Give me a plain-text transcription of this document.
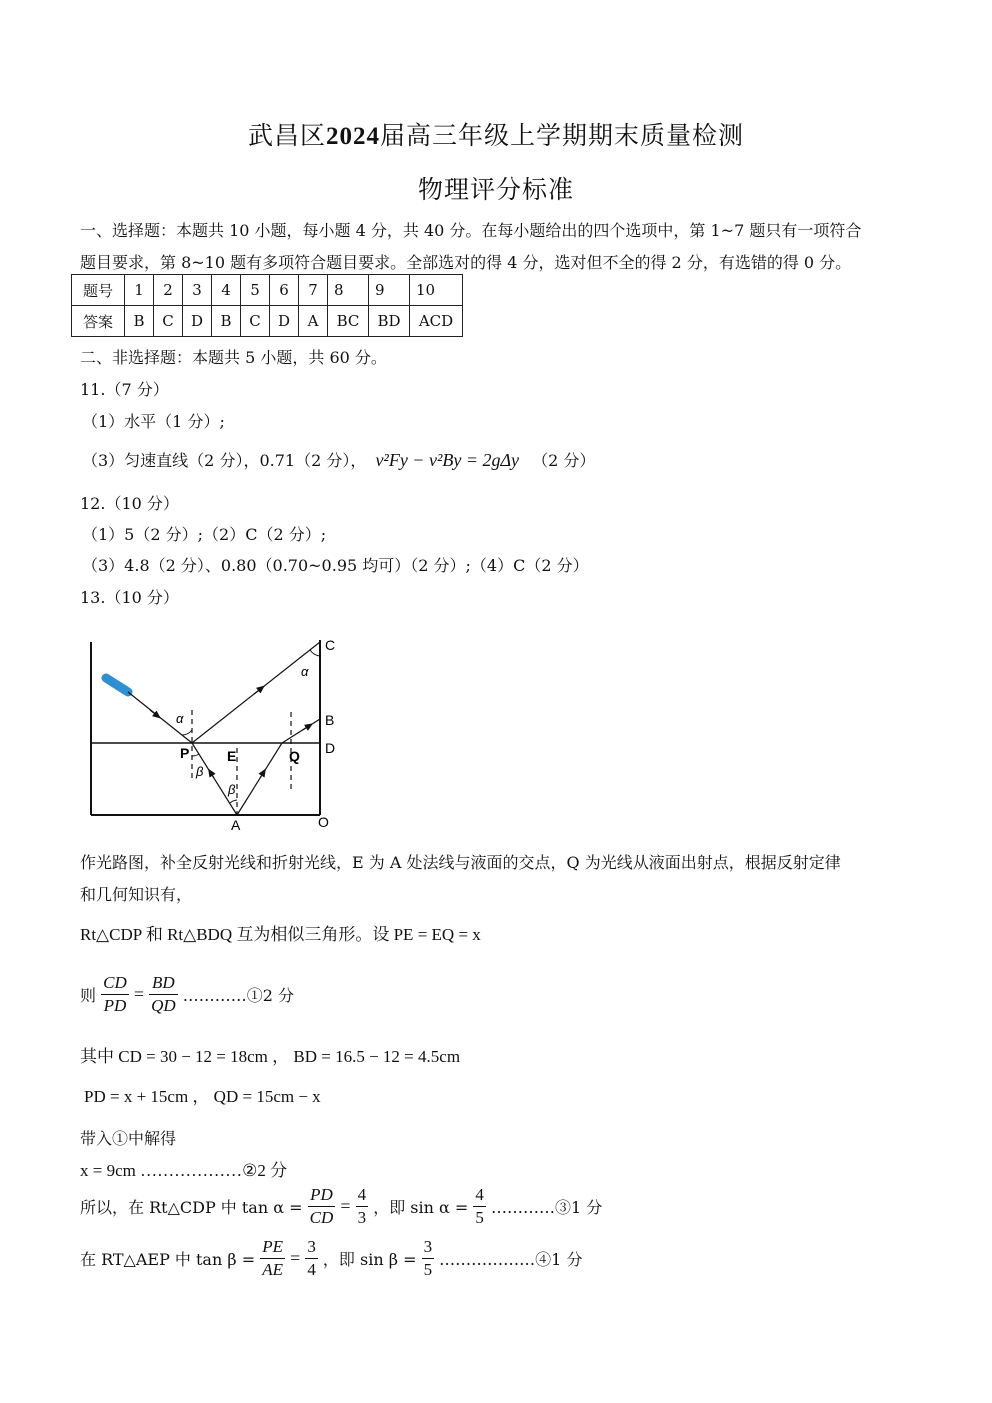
武昌区2024届高三年级上学期期末质量检测
物理评分标准
一、选择题：本题共 10 小题，每小题 4 分，共 40 分。在每小题给出的四个选项中，第 1~7 题只有一项符合
题目要求，第 8~10 题有多项符合题目要求。全部选对的得 4 分，选对但不全的得 2 分，有选错的得 0 分。
题号	1	2	3	4	5	6	7	8	9	10
答案	B	C	D	B	C	D	A	BC	BD	ACD
二、非选择题：本题共 5 小题，共 60 分。
11.（7 分）
（1）水平（1 分）;
（3）匀速直线（2 分），0.71（2 分）， v²Fy − v²By = 2gΔy （2 分）
12.（10 分）
（1）5（2 分）;（2）C（2 分）;
（3）4.8（2 分）、0.80（0.70~0.95 均可）（2 分）;（4）C（2 分）
13.（10 分）
C
B
D
O
A
P	E	Q
α
α
β
β
作光路图，补全反射光线和折射光线，E 为 A 处法线与液面的交点，Q 为光线从液面出射点，根据反射定律
和几何知识有，
Rt△CDP 和 Rt△BDQ 互为相似三角形。设 PE = EQ = x
则 $\frac{CD}{PD} = \frac{BD}{QD}$ …………①2 分
其中 CD = 30 − 12 = 18cm ， BD = 16.5 − 12 = 4.5cm
PD = x + 15cm ， QD = 15cm − x
带入①中解得
x = 9cm ………………②2 分
所以，在 Rt△CDP 中 $\tan \alpha = \frac{PD}{CD} = \frac{4}{3}$ ，即 $\sin \alpha = \frac{4}{5}$ …………③1 分
在 RT△AEP 中 $\tan \beta = \frac{PE}{AE} = \frac{3}{4}$ ，即 $\sin \beta = \frac{3}{5}$ ………………④1 分
